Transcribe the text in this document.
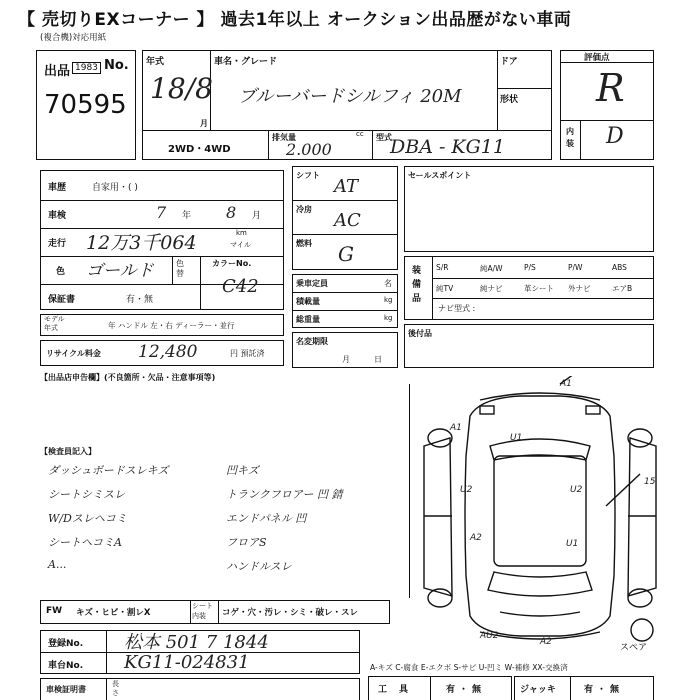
【 売切りEXコーナー 】 過去1年以上 オークション出品歴がない車両
(複合機)対応用紙
出品 1983 No.
70595
年式
18/8
月
車名・グレード
ブルーバードシルフィ 20M
ドア
形状
2WD・4WD
排気量	cc
2.000
型式
DBA - KG11
評価点
R
内装 D
車歴	自家用・( )
車検	7 年 8 月
走行 12万3千064	km
マイル
色 ゴールド	色替
カラーNo.
C42
保証書	有・無
モデル年式	年 ハンドル 左・右 ディーラー・並行
リサイクル料金 12,480	円 預託済
シフト
AT
冷房
AC
燃料 G
乗車定員	名
積載量	kg
総重量	kg
名変期限
月日
セールスポイント
装備品
S/R	純A/W	P/S	P/W	ABS
純TV	純ナビ	革シート 外ナビ	エアB
ナビ型式 :
後付品
【出品店申告欄】(不良箇所・欠品・注意事項等)
【検査員記入】
ダッシュボードスレキズ
シートシミスレ
W/Dスレヘコミ
シートヘコミA
A...
凹キズ
トランクフロアー 凹 錆
エンドパネル 凹
フロアS
ハンドルスレ
FW キズ・ヒビ・割レX
シート内装	コゲ・穴・汚レ・シミ・破レ・スレ
登録No. 松本 501 7 1844
車台No. KG11-024831
車検証明書
長さ
A1
U1
U2	U2
A2
A1
U1
AU2
A2
15
スペア
A-キズ C-腐食 E-エクボ S-サビ U-凹ミ W-補修 XX-交換済
工具	有・無	ジャッキ	有・無
